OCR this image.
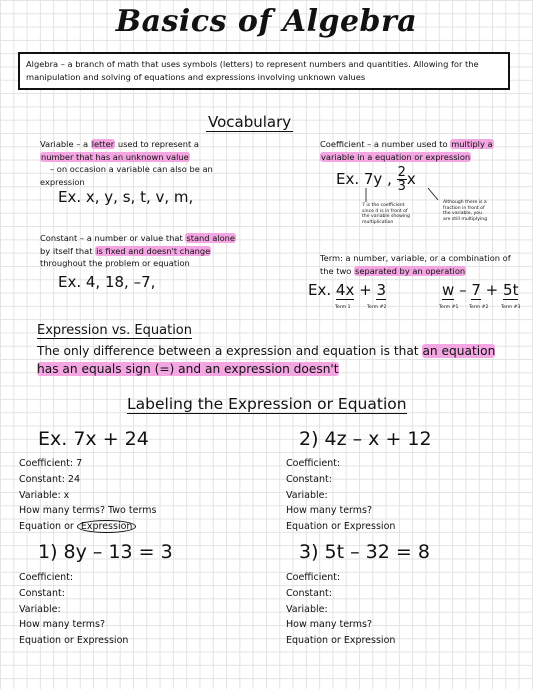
Basics of Algebra
Algebra – a branch of math that uses symbols (letters) to represent numbers and quantities. Allowing for the manipulation and solving of equations and expressions involving unknown values
Vocabulary
Variable – a letter used to represent a
number that has an unknown value
– on occasion a variable can also be an
expression
Ex. x, y, s, t, v, m,
Constant – a number or value that stand alone
by itself that is fixed and doesn't change
throughout the problem or equation
Ex. 4, 18, –7,
Coefficient – a number used to multiply a
variable in a equation or expression
Ex. 7y , $\frac{2}{3}x$
7 is the coefficient since it is in front of the variable showing multiplication
Although there is a fraction in front of the variable, you are still multiplying
Term: a number, variable, or a combination of
the two separated by an operation
Ex. 4x + 3
Term 1	Term #2
w – 7 + 5t
Term #1 Term #2	Term #3
Expression vs. Equation
The only difference between a expression and equation is that an equation
has an equals sign (=) and an expression doesn't
Labeling the Expression or Equation
Ex. 7x + 24
Coefficient: 7
Constant: 24
Variable: x
How many terms? Two terms
Equation or Expression
2) 4z – x + 12
Coefficient:
Constant:
Variable:
How many terms?
Equation or Expression
1) 8y – 13 = 3
Coefficient:
Constant:
Variable:
How many terms?
Equation or Expression
3) 5t – 32 = 8
Coefficient:
Constant:
Variable:
How many terms?
Equation or Expression
